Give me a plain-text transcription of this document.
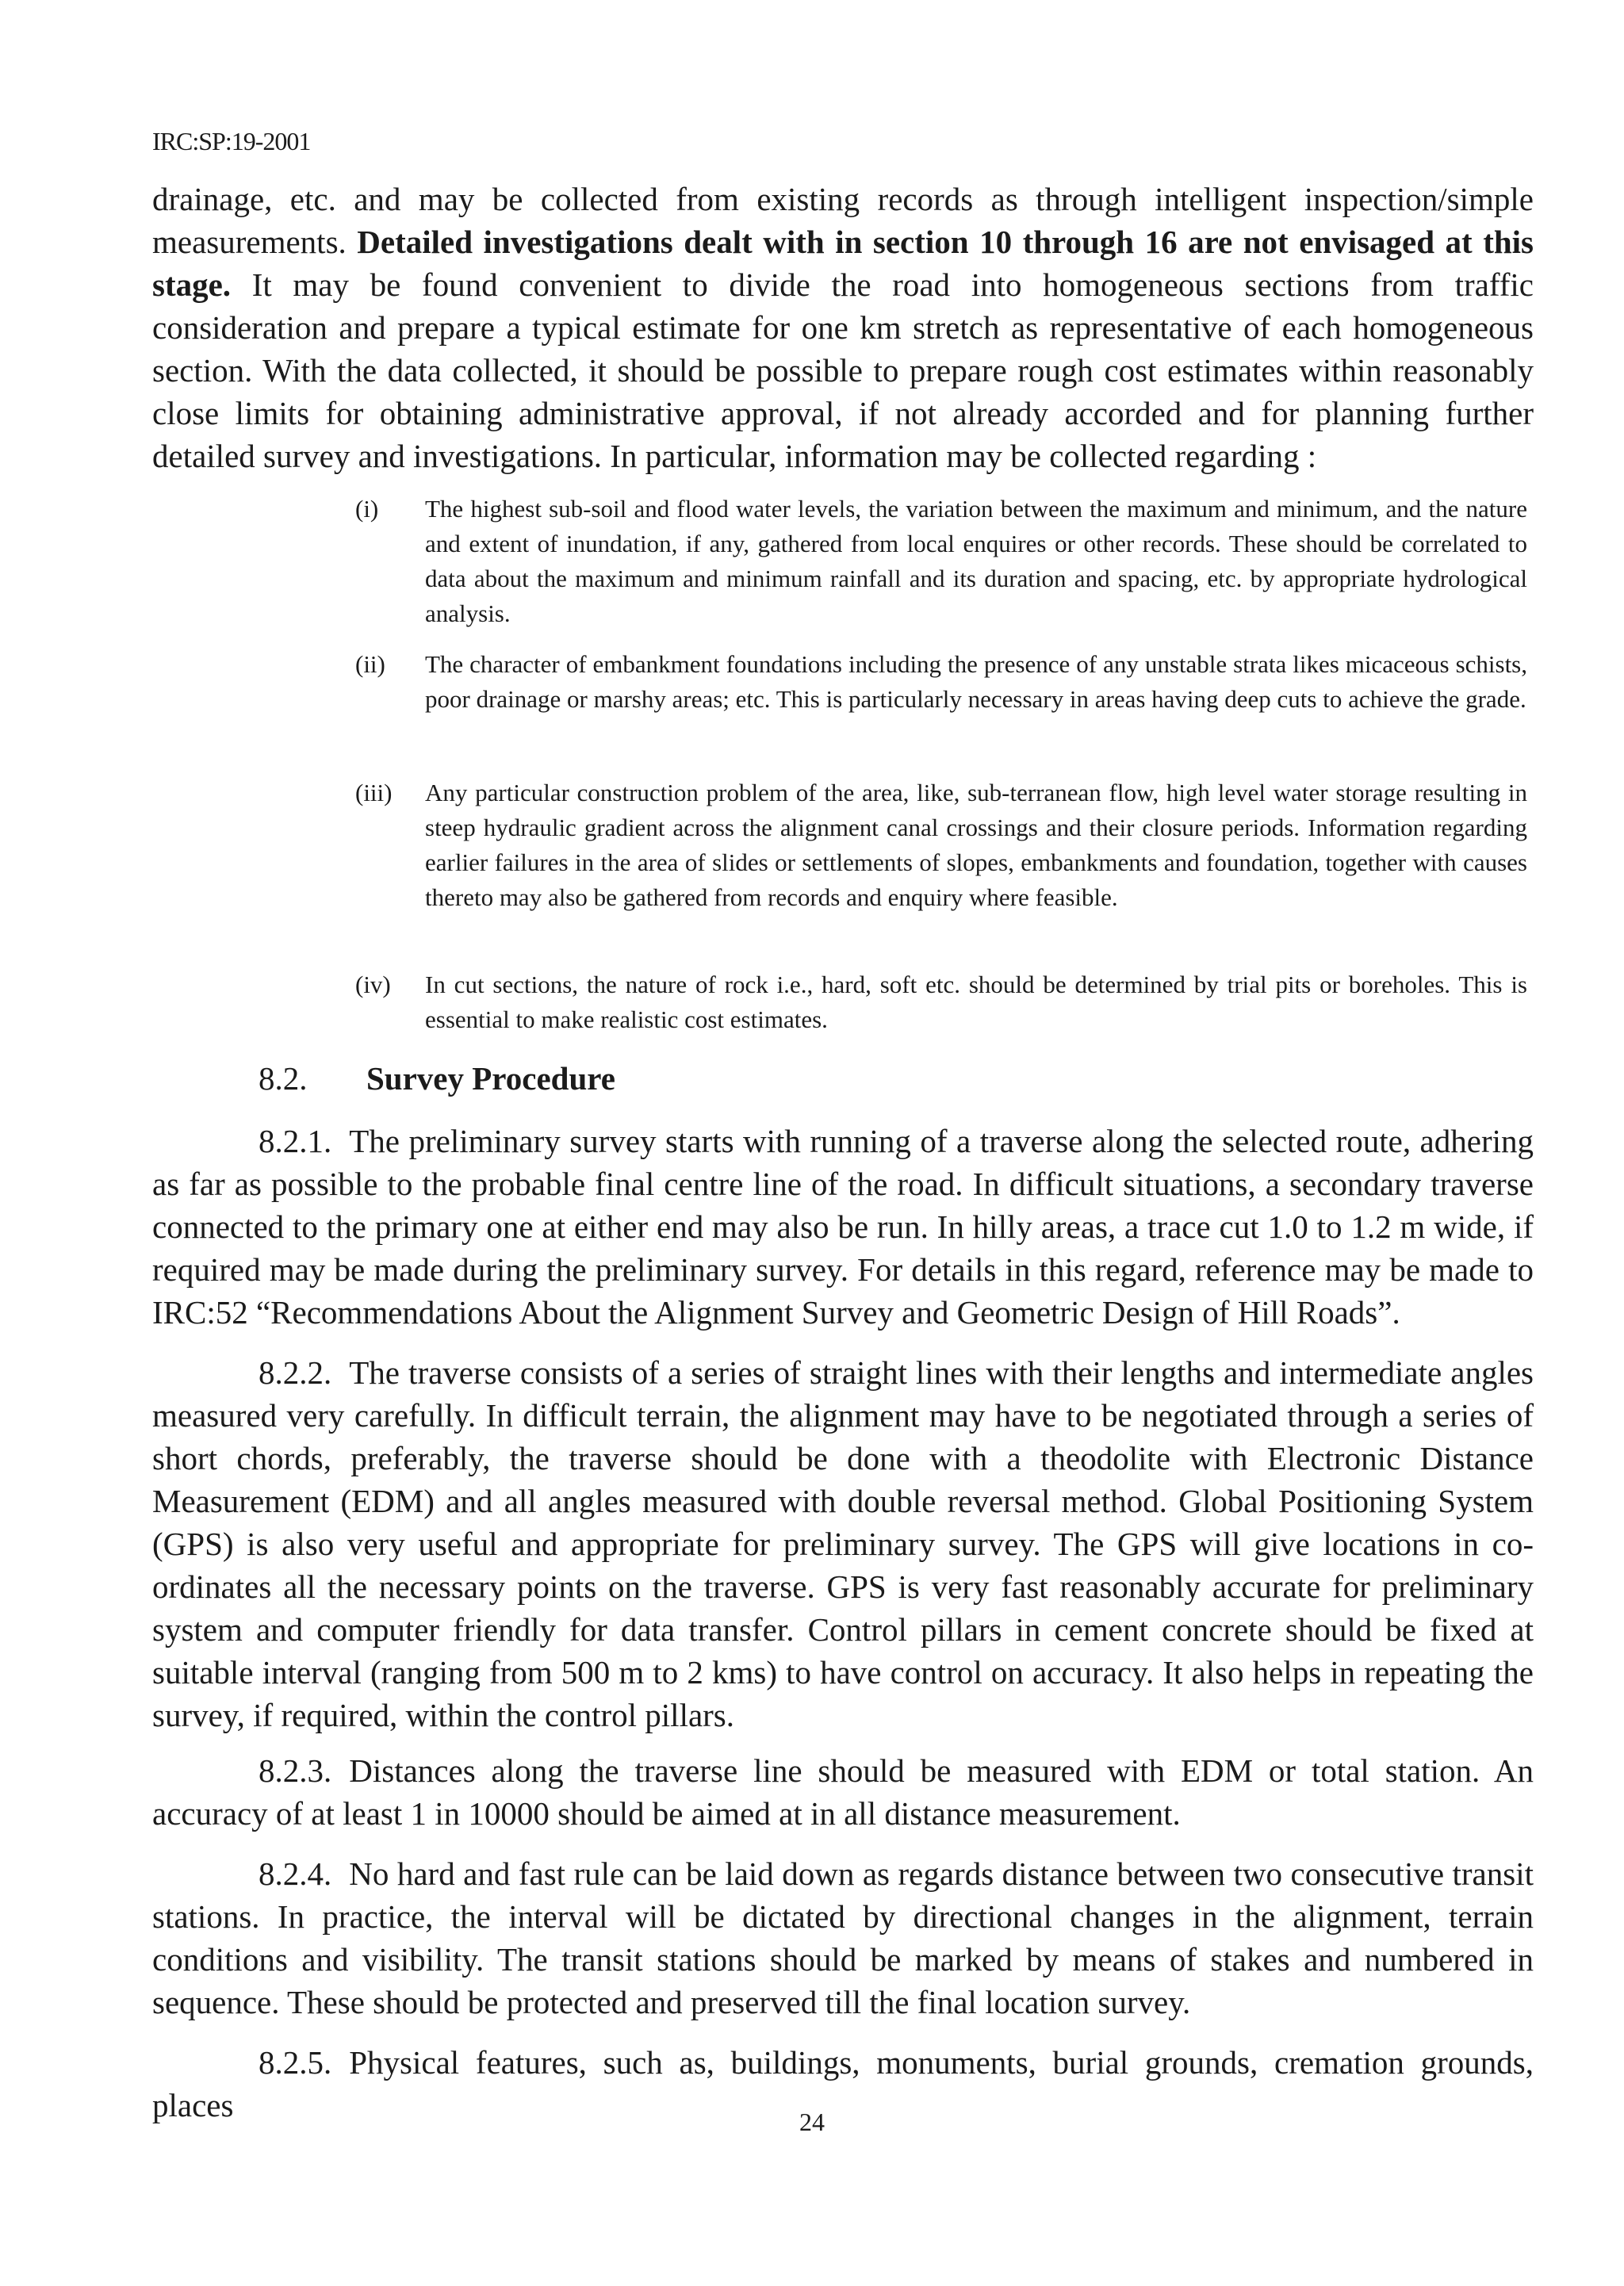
IRC:SP:19-2001

drainage, etc. and may be collected from existing records as through intelligent inspection/simple measurements. Detailed investigations dealt with in section 10 through 16 are not envisaged at this stage. It may be found convenient to divide the road into homogeneous sections from traffic consideration and prepare a typical estimate for one km stretch as representative of each homogeneous section. With the data collected, it should be possible to prepare rough cost estimates within reasonably close limits for obtaining administrative approval, if not already accorded and for planning further detailed survey and investigations. In particular, information may be collected regarding :

(i)	The highest sub-soil and flood water levels, the variation between the maximum and minimum, and the nature and extent of inundation, if any, gathered from local enquires or other records. These should be correlated to data about the maximum and minimum rainfall and its duration and spacing, etc. by appropriate hydrological analysis.
(ii)	The character of embankment foundations including the presence of any unstable strata likes micaceous schists, poor drainage or marshy areas; etc. This is particularly necessary in areas having deep cuts to achieve the grade.
(iii)	Any particular construction problem of the area, like, sub-terranean flow, high level water storage resulting in steep hydraulic gradient across the alignment canal crossings and their closure periods. Information regarding earlier failures in the area of slides or settlements of slopes, embankments and foundation, together with causes thereto may also be gathered from records and enquiry where feasible.
(iv)	In cut sections, the nature of rock i.e., hard, soft etc. should be determined by trial pits or boreholes. This is essential to make realistic cost estimates.
8.2.	Survey Procedure

8.2.1. The preliminary survey starts with running of a traverse along the selected route, adhering as far as possible to the probable final centre line of the road. In difficult situations, a secondary traverse connected to the primary one at either end may also be run. In hilly areas, a trace cut 1.0 to 1.2 m wide, if required may be made during the preliminary survey. For details in this regard, reference may be made to IRC:52 “Recommendations About the Alignment Survey and Geometric Design of Hill Roads”.

8.2.2. The traverse consists of a series of straight lines with their lengths and intermediate angles measured very carefully. In difficult terrain, the alignment may have to be negotiated through a series of short chords, preferably, the traverse should be done with a theodolite with Electronic Distance Measurement (EDM) and all angles measured with double reversal method. Global Positioning System (GPS) is also very useful and appropriate for preliminary survey. The GPS will give locations in co-ordinates all the necessary points on the traverse. GPS is very fast reasonably accurate for preliminary system and computer friendly for data transfer. Control pillars in cement concrete should be fixed at suitable interval (ranging from 500 m to 2 kms) to have control on accuracy. It also helps in repeating the survey, if required, within the control pillars.

8.2.3. Distances along the traverse line should be measured with EDM or total station. An accuracy of at least 1 in 10000 should be aimed at in all distance measurement.

8.2.4. No hard and fast rule can be laid down as regards distance between two consecutive transit stations. In practice, the interval will be dictated by directional changes in the alignment, terrain conditions and visibility. The transit stations should be marked by means of stakes and numbered in sequence. These should be protected and preserved till the final location survey.

8.2.5. Physical features, such as, buildings, monuments, burial grounds, cremation grounds, places	24
